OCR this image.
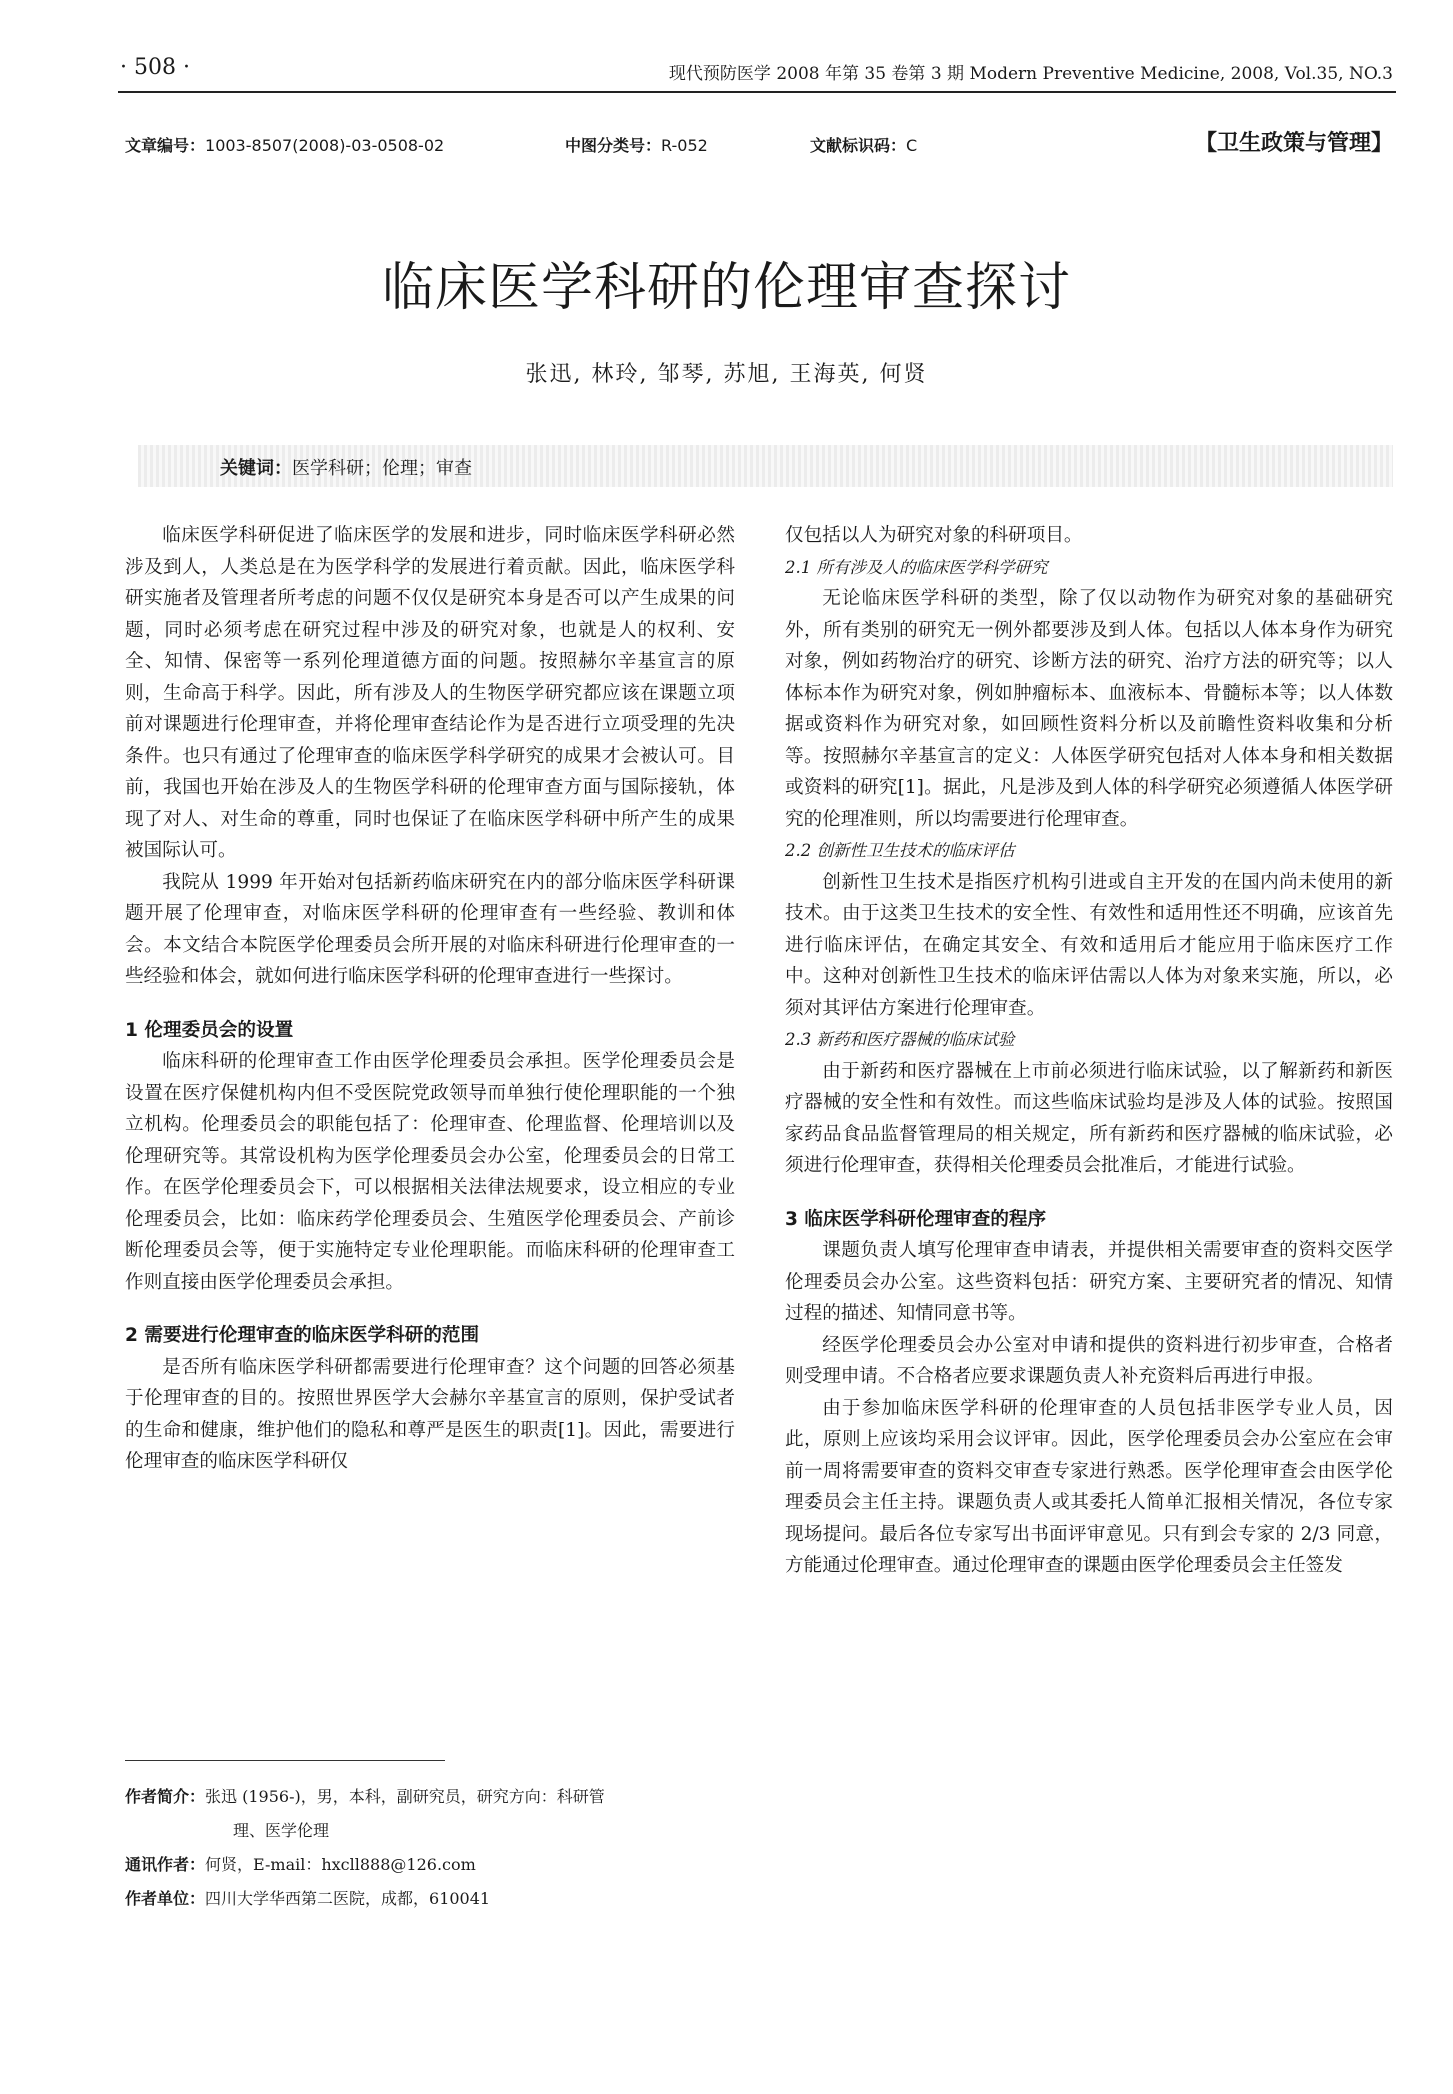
· 508 ·	现代预防医学 2008 年第 35 卷第 3 期 Modern Preventive Medicine, 2008, Vol.35, NO.3
文章编号：1003-8507(2008)-03-0508-02	中图分类号：R-052	文献标识码：C	【卫生政策与管理】
临床医学科研的伦理审查探讨
张迅, 林玲, 邹琴, 苏旭, 王海英, 何贤
关键词：医学科研；伦理；审查

临床医学科研促进了临床医学的发展和进步，同时临床医学科研必然涉及到人，人类总是在为医学科学的发展进行着贡献。因此，临床医学科研实施者及管理者所考虑的问题不仅仅是研究本身是否可以产生成果的问题，同时必须考虑在研究过程中涉及的研究对象，也就是人的权利、安全、知情、保密等一系列伦理道德方面的问题。按照赫尔辛基宣言的原则，生命高于科学。因此，所有涉及人的生物医学研究都应该在课题立项前对课题进行伦理审查，并将伦理审查结论作为是否进行立项受理的先决条件。也只有通过了伦理审查的临床医学科学研究的成果才会被认可。目前，我国也开始在涉及人的生物医学科研的伦理审查方面与国际接轨，体现了对人、对生命的尊重，同时也保证了在临床医学科研中所产生的成果被国际认可。

我院从 1999 年开始对包括新药临床研究在内的部分临床医学科研课题开展了伦理审查，对临床医学科研的伦理审查有一些经验、教训和体会。本文结合本院医学伦理委员会所开展的对临床科研进行伦理审查的一些经验和体会，就如何进行临床医学科研的伦理审查进行一些探讨。

1 伦理委员会的设置

临床科研的伦理审查工作由医学伦理委员会承担。医学伦理委员会是设置在医疗保健机构内但不受医院党政领导而单独行使伦理职能的一个独立机构。伦理委员会的职能包括了：伦理审查、伦理监督、伦理培训以及伦理研究等。其常设机构为医学伦理委员会办公室，伦理委员会的日常工作。在医学伦理委员会下，可以根据相关法律法规要求，设立相应的专业伦理委员会，比如：临床药学伦理委员会、生殖医学伦理委员会、产前诊断伦理委员会等，便于实施特定专业伦理职能。而临床科研的伦理审查工作则直接由医学伦理委员会承担。

2 需要进行伦理审查的临床医学科研的范围

是否所有临床医学科研都需要进行伦理审查？这个问题的回答必须基于伦理审查的目的。按照世界医学大会赫尔辛基宣言的原则，保护受试者的生命和健康，维护他们的隐私和尊严是医生的职责[1]。因此，需要进行伦理审查的临床医学科研仅

仅包括以人为研究对象的科研项目。

2.1 所有涉及人的临床医学科学研究

无论临床医学科研的类型，除了仅以动物作为研究对象的基础研究外，所有类别的研究无一例外都要涉及到人体。包括以人体本身作为研究对象，例如药物治疗的研究、诊断方法的研究、治疗方法的研究等；以人体标本作为研究对象，例如肿瘤标本、血液标本、骨髓标本等；以人体数据或资料作为研究对象，如回顾性资料分析以及前瞻性资料收集和分析等。按照赫尔辛基宣言的定义：人体医学研究包括对人体本身和相关数据或资料的研究[1]。据此，凡是涉及到人体的科学研究必须遵循人体医学研究的伦理准则，所以均需要进行伦理审查。

2.2 创新性卫生技术的临床评估

创新性卫生技术是指医疗机构引进或自主开发的在国内尚未使用的新技术。由于这类卫生技术的安全性、有效性和适用性还不明确，应该首先进行临床评估，在确定其安全、有效和适用后才能应用于临床医疗工作中。这种对创新性卫生技术的临床评估需以人体为对象来实施，所以，必须对其评估方案进行伦理审查。

2.3 新药和医疗器械的临床试验

由于新药和医疗器械在上市前必须进行临床试验，以了解新药和新医疗器械的安全性和有效性。而这些临床试验均是涉及人体的试验。按照国家药品食品监督管理局的相关规定，所有新药和医疗器械的临床试验，必须进行伦理审查，获得相关伦理委员会批准后，才能进行试验。

3 临床医学科研伦理审查的程序

课题负责人填写伦理审查申请表，并提供相关需要审查的资料交医学伦理委员会办公室。这些资料包括：研究方案、主要研究者的情况、知情过程的描述、知情同意书等。

经医学伦理委员会办公室对申请和提供的资料进行初步审查，合格者则受理申请。不合格者应要求课题负责人补充资料后再进行申报。

由于参加临床医学科研的伦理审查的人员包括非医学专业人员，因此，原则上应该均采用会议评审。因此，医学伦理委员会办公室应在会审前一周将需要审查的资料交审查专家进行熟悉。医学伦理审查会由医学伦理委员会主任主持。课题负责人或其委托人简单汇报相关情况，各位专家现场提问。最后各位专家写出书面评审意见。只有到会专家的 2/3 同意，方能通过伦理审查。通过伦理审查的课题由医学伦理委员会主任签发

作者简介：张迅 (1956-)，男，本科，副研究员，研究方向：科研管
理、医学伦理
通讯作者：何贤，E-mail：hxcll888@126.com
作者单位：四川大学华西第二医院，成都，610041
